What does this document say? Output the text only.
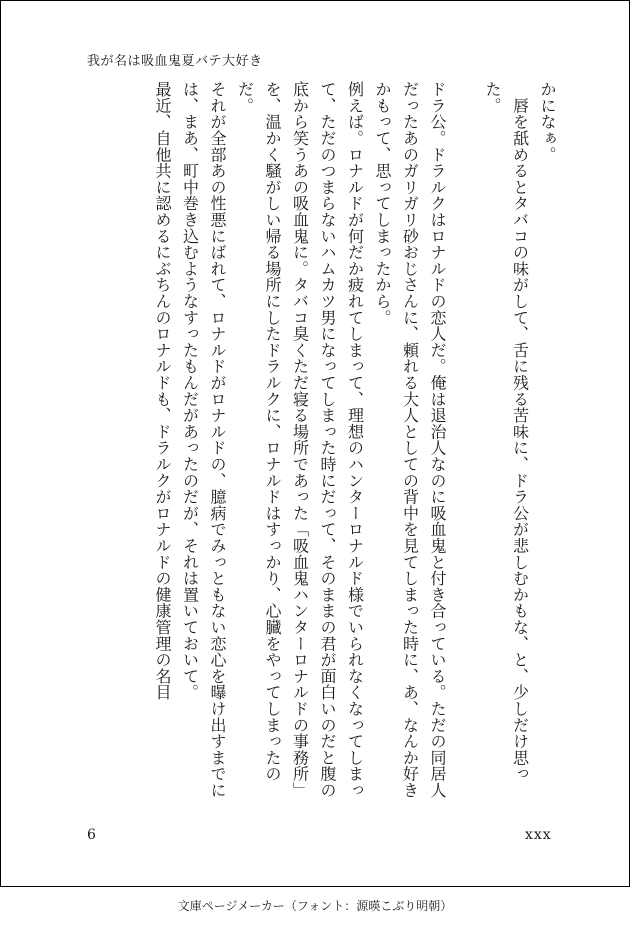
我が名は吸血鬼夏バテ大好き

かになぁ。

　唇を舐めるとタバコの味がして、舌に残る苦味に、ドラ公が悲しむかもな、と、少しだけ思った。

ドラ公。ドラルクはロナルドの恋人だ。俺は退治人なのに吸血鬼と付き合っている。ただの同居人だったあのガリガリ砂おじさんに、頼れる大人としての背中を見てしまった時に、あ、なんか好きかもって、思ってしまったから。

例えば。ロナルドが何だか疲れてしまって、理想のハンターロナルド様でいられなくなってしまって、ただのつまらないハムカツ男になってしまった時にだって、そのままの君が面白いのだと腹の底から笑うあの吸血鬼に。タバコ臭くただ寝る場所であった「吸血鬼ハンターロナルドの事務所」を、温かく騒がしい帰る場所にしたドラルクに、ロナルドはすっかり、心臓をやってしまったのだ。

それが全部あの性悪にばれて、ロナルドがロナルドの、臆病でみっともない恋心を曝け出すまでには、まあ、町中巻き込むようなすったもんだがあったのだが、それは置いておいて。

最近、自他共に認めるにぶちんのロナルドも、ドラルクがロナルドの健康管理の名目

6	xxx
文庫ページメーカー（フォント：源暎こぶり明朝）
